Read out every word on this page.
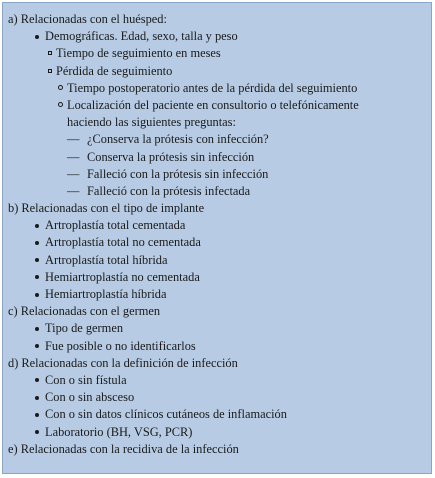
a) Relacionadas con el huésped:
Demográficas. Edad, sexo, talla y peso
Tiempo de seguimiento en meses
Pérdida de seguimiento
Tiempo postoperatorio antes de la pérdida del seguimiento
Localización del paciente en consultorio o telefónicamente
haciendo las siguientes preguntas:
— ¿Conserva la prótesis con infección?
— Conserva la prótesis sin infección
— Falleció con la prótesis sin infección
— Falleció con la prótesis infectada
b) Relacionadas con el tipo de implante
Artroplastía total cementada
Artroplastía total no cementada
Artroplastía total híbrida
Hemiartroplastía no cementada
Hemiartroplastía híbrida
c) Relacionadas con el germen
Tipo de germen
Fue posible o no identificarlos
d) Relacionadas con la definición de infección
Con o sin fístula
Con o sin absceso
Con o sin datos clínicos cutáneos de inflamación
Laboratorio (BH, VSG, PCR)
e) Relacionadas con la recidiva de la infección
